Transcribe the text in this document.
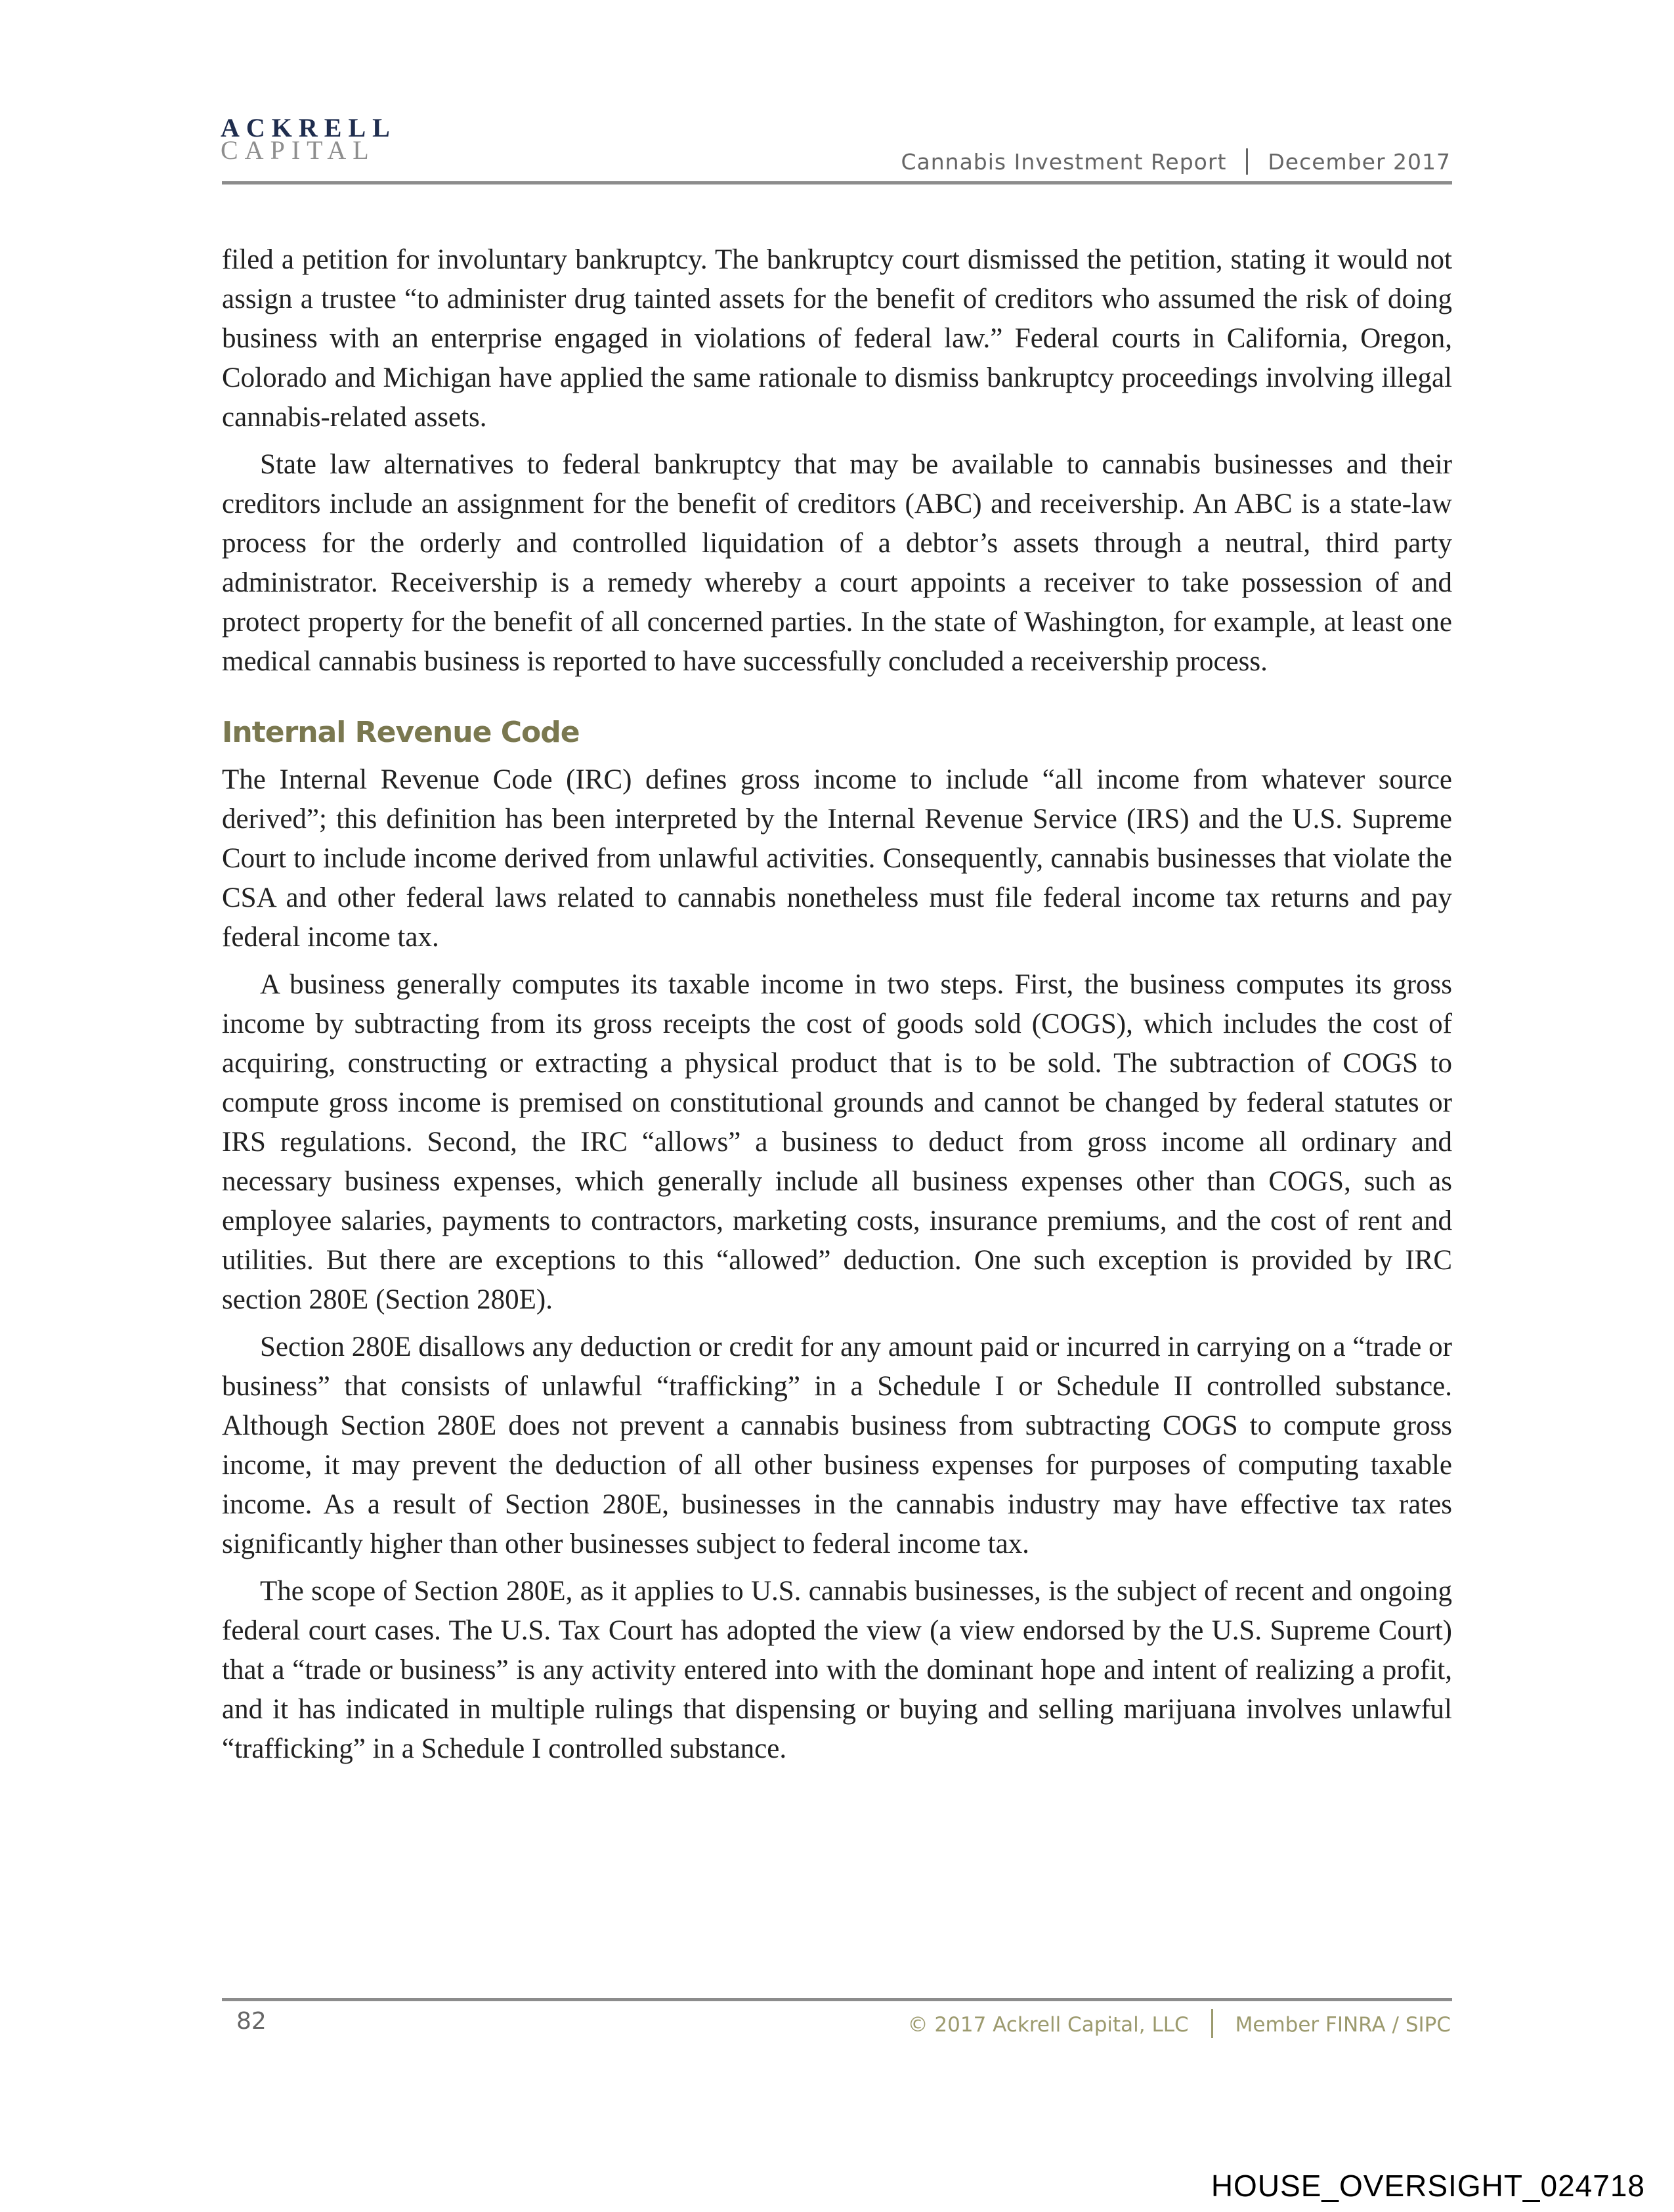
ACKRELL
CAPITAL	Cannabis Investment Report December 2017

filed a petition for involuntary bankruptcy. The bankruptcy court dismissed the petition, stating it would not assign a trustee “to administer drug tainted assets for the benefit of creditors who assumed the risk of doing business with an enterprise engaged in violations of federal law.” Federal courts in California, Oregon, Colorado and Michigan have applied the same rationale to dismiss bankruptcy proceedings involving illegal cannabis-related assets.

State law alternatives to federal bankruptcy that may be available to cannabis businesses and their creditors include an assignment for the benefit of creditors (ABC) and receivership. An ABC is a state-law process for the orderly and controlled liquidation of a debtor’s assets through a neutral, third party administrator. Receivership is a remedy whereby a court appoints a receiver to take possession of and protect property for the benefit of all concerned parties. In the state of Washington, for example, at least one medical cannabis business is reported to have successfully concluded a receivership process.

Internal Revenue Code

The Internal Revenue Code (IRC) defines gross income to include “all income from whatever source derived”; this definition has been interpreted by the Internal Revenue Service (IRS) and the U.S. Supreme Court to include income derived from unlawful activities. Consequently, cannabis businesses that violate the CSA and other federal laws related to cannabis nonetheless must file federal income tax returns and pay federal income tax.

A business generally computes its taxable income in two steps. First, the business computes its gross income by subtracting from its gross receipts the cost of goods sold (COGS), which includes the cost of acquiring, constructing or extracting a physical product that is to be sold. The subtraction of COGS to compute gross income is premised on constitutional grounds and cannot be changed by federal statutes or IRS regulations. Second, the IRC “allows” a business to deduct from gross income all ordinary and necessary business expenses, which generally include all business expenses other than COGS, such as employee salaries, payments to contractors, marketing costs, insurance premiums, and the cost of rent and utilities. But there are exceptions to this “allowed” deduction. One such exception is provided by IRC section 280E (Section 280E).

Section 280E disallows any deduction or credit for any amount paid or incurred in carrying on a “trade or business” that consists of unlawful “trafficking” in a Schedule I or Schedule II controlled substance. Although Section 280E does not prevent a cannabis business from subtracting COGS to compute gross income, it may prevent the deduction of all other business expenses for purposes of computing taxable income. As a result of Section 280E, businesses in the cannabis industry may have effective tax rates significantly higher than other businesses subject to federal income tax.

The scope of Section 280E, as it applies to U.S. cannabis businesses, is the subject of recent and ongoing federal court cases. The U.S. Tax Court has adopted the view (a view endorsed by the U.S. Supreme Court) that a “trade or business” is any activity entered into with the dominant hope and intent of realizing a profit, and it has indicated in multiple rulings that dispensing or buying and selling marijuana involves unlawful “trafficking” in a Schedule I controlled substance.

82	© 2017 Ackrell Capital, LLC Member FINRA / SIPC
HOUSE_OVERSIGHT_024718
